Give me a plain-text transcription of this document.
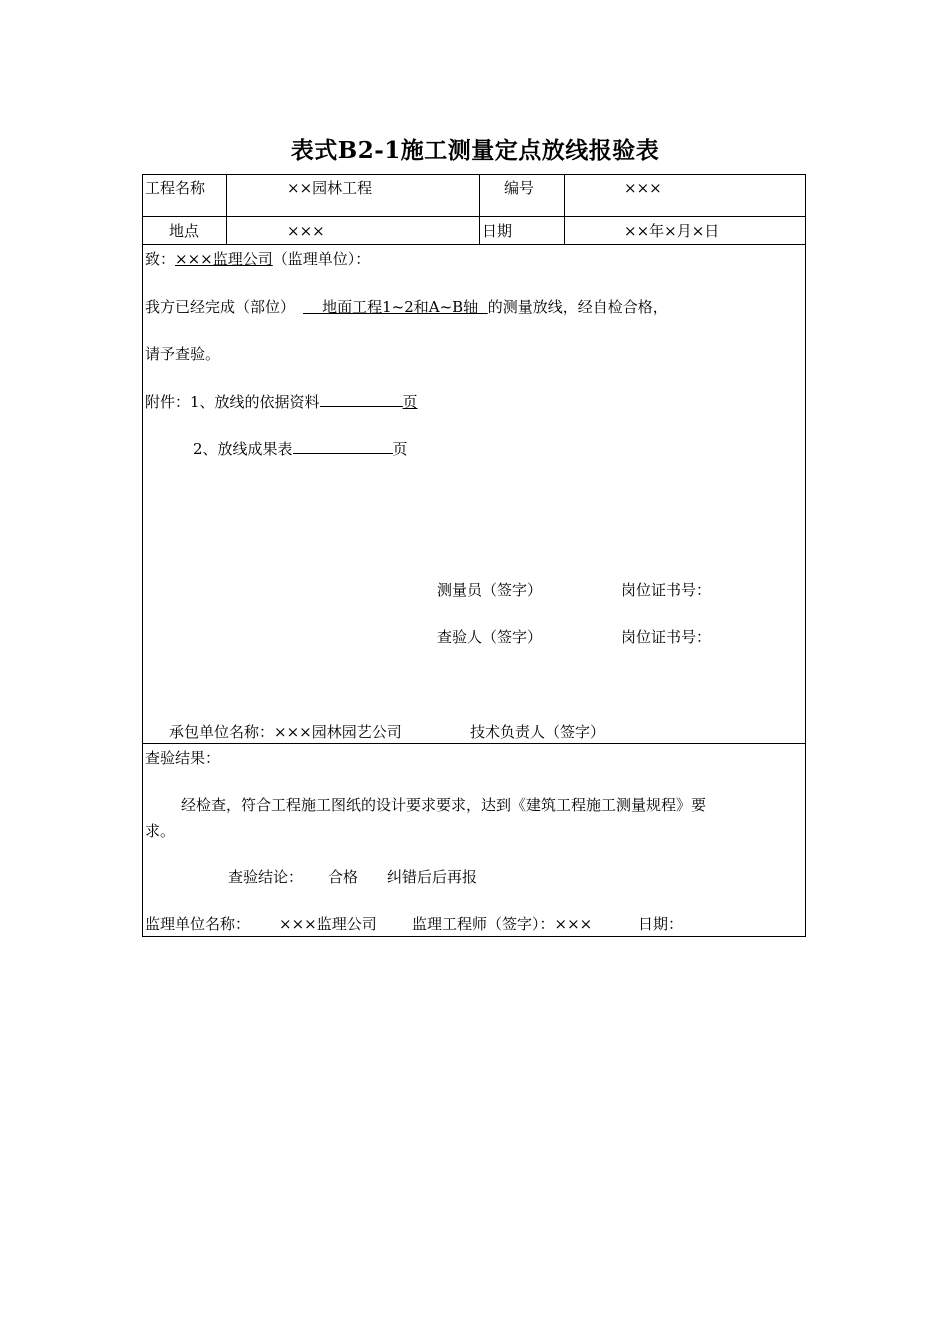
表式B2-1施工测量定点放线报验表
工程名称	××园林工程	编号	×××
地点	×××	日期	××年×月×日
致：×××监理公司（监理单位）：
我方已经完成（部位）    地面工程1~2和A~B轴  的测量放线，经自检合格，
请予查验。
附件：1、放线的依据资料	页
2、放线成果表	页
测量员（签字）	岗位证书号：
查验人（签字）	岗位证书号：
承包单位名称：×××园林园艺公司	技术负责人（签字）
查验结果：
经检查，符合工程施工图纸的设计要求要求，达到《建筑工程施工测量规程》要
求。
查验结论： 合格 纠错后后再报
监理单位名称： ×××监理公司 监理工程师（签字）：×××	日期：
